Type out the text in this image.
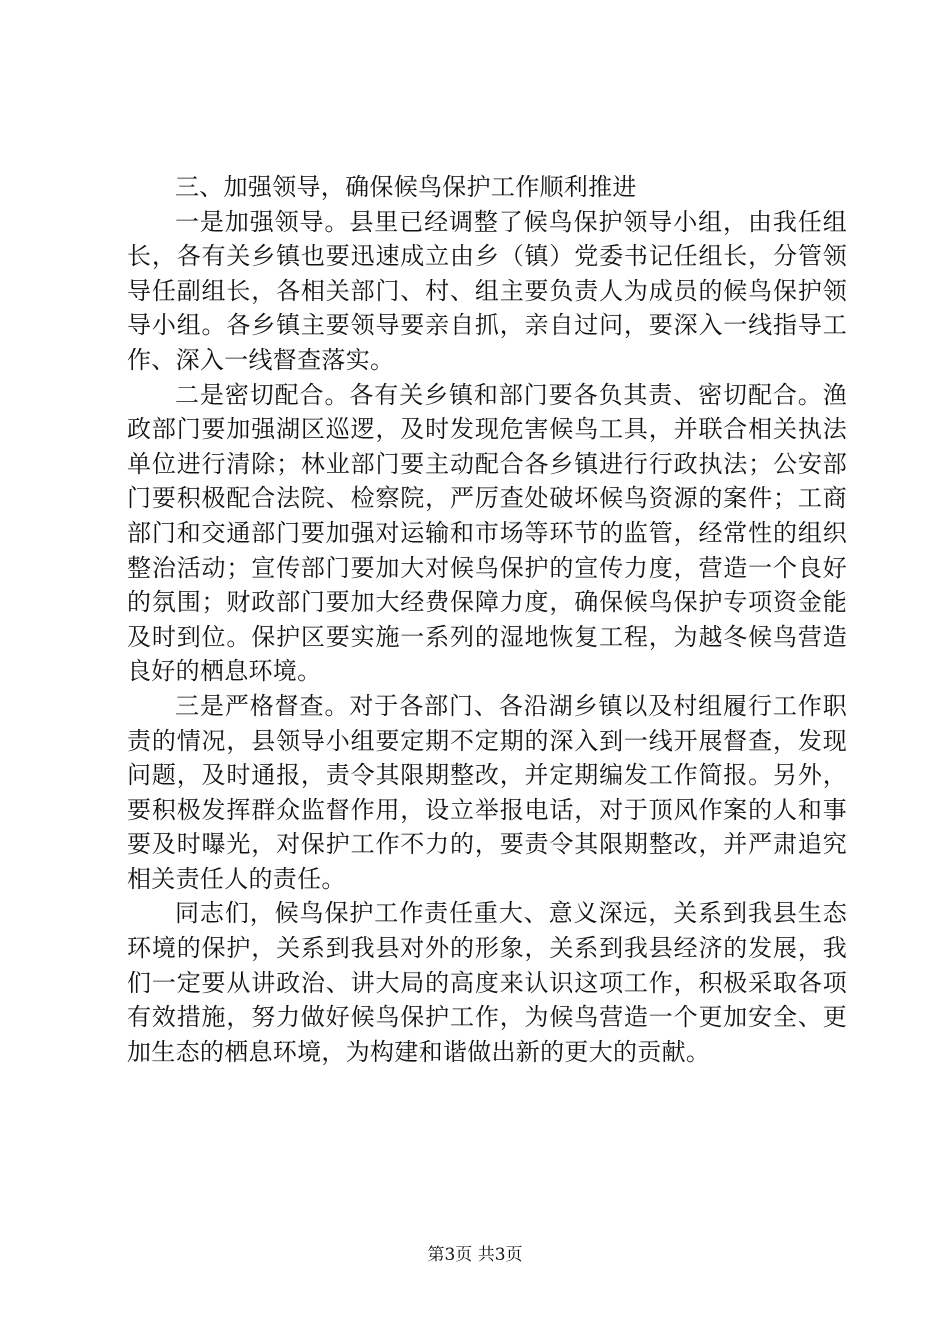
三、加强领导，确保候鸟保护工作顺利推进

一是加强领导。县里已经调整了候鸟保护领导小组，由我任组长，各有关乡镇也要迅速成立由乡（镇）党委书记任组长，分管领导任副组长，各相关部门、村、组主要负责人为成员的候鸟保护领导小组。各乡镇主要领导要亲自抓，亲自过问，要深入一线指导工作、深入一线督查落实。

二是密切配合。各有关乡镇和部门要各负其责、密切配合。渔政部门要加强湖区巡逻，及时发现危害候鸟工具，并联合相关执法单位进行清除；林业部门要主动配合各乡镇进行行政执法；公安部门要积极配合法院、检察院，严厉查处破坏候鸟资源的案件；工商部门和交通部门要加强对运输和市场等环节的监管，经常性的组织整治活动；宣传部门要加大对候鸟保护的宣传力度，营造一个良好的氛围；财政部门要加大经费保障力度，确保候鸟保护专项资金能及时到位。保护区要实施一系列的湿地恢复工程，为越冬候鸟营造良好的栖息环境。

三是严格督查。对于各部门、各沿湖乡镇以及村组履行工作职责的情况，县领导小组要定期不定期的深入到一线开展督查，发现问题，及时通报，责令其限期整改，并定期编发工作简报。另外，要积极发挥群众监督作用，设立举报电话，对于顶风作案的人和事要及时曝光，对保护工作不力的，要责令其限期整改，并严肃追究相关责任人的责任。

同志们，候鸟保护工作责任重大、意义深远，关系到我县生态环境的保护，关系到我县对外的形象，关系到我县经济的发展，我们一定要从讲政治、讲大局的高度来认识这项工作，积极采取各项有效措施，努力做好候鸟保护工作，为候鸟营造一个更加安全、更加生态的栖息环境，为构建和谐做出新的更大的贡献。

第3页 共3页
